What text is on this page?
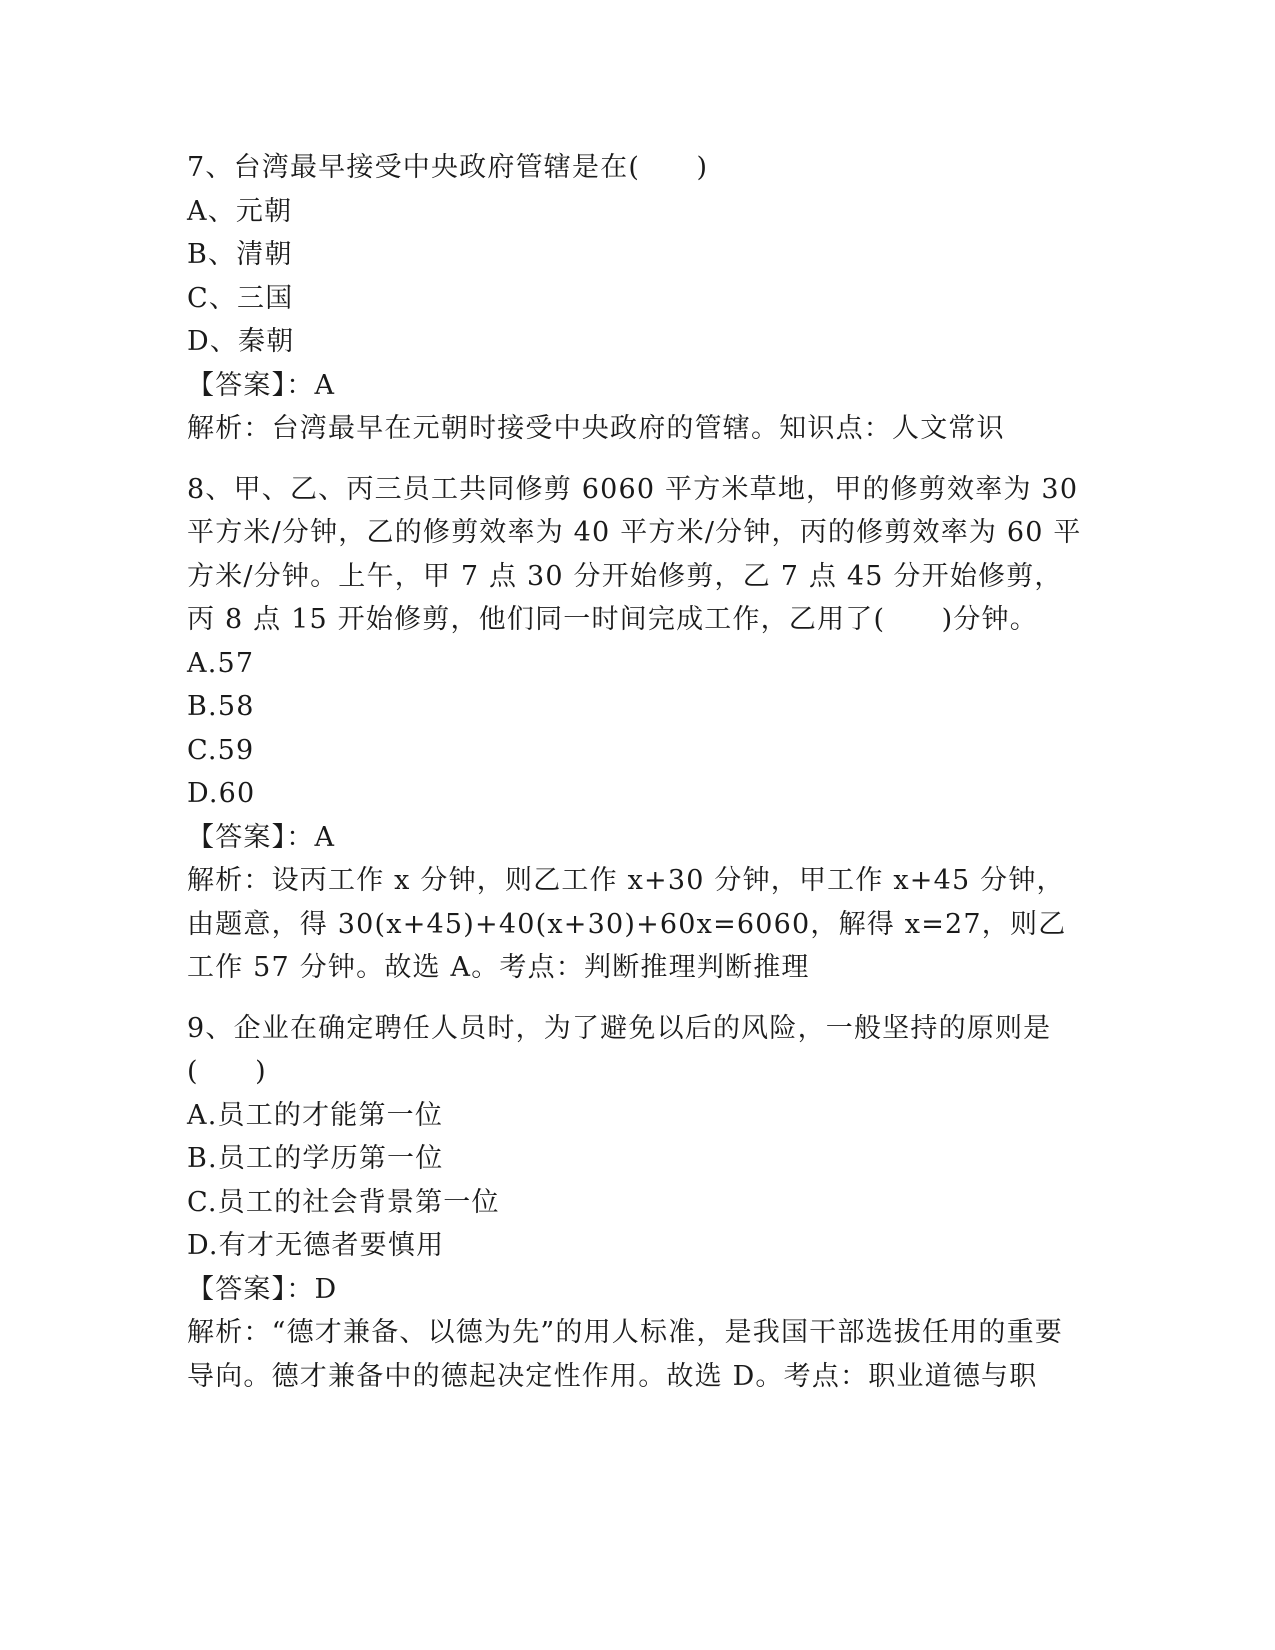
7、台湾最早接受中央政府管辖是在(　　)
A、元朝
B、清朝
C、三国
D、秦朝
【答案】：A
解析：台湾最早在元朝时接受中央政府的管辖。知识点：人文常识
8、甲、乙、丙三员工共同修剪 6060 平方米草地，甲的修剪效率为 30 平方米/分钟，乙的修剪效率为 40 平方米/分钟，丙的修剪效率为 60 平方米/分钟。上午，甲 7 点 30 分开始修剪，乙 7 点 45 分开始修剪，丙 8 点 15 开始修剪，他们同一时间完成工作，乙用了(　　)分钟。
A.57
B.58
C.59
D.60
【答案】：A
解析：设丙工作 x 分钟，则乙工作 x+30 分钟，甲工作 x+45 分钟，由题意，得 30(x+45)+40(x+30)+60x=6060，解得 x=27，则乙工作 57 分钟。故选 A。考点：判断推理判断推理
9、企业在确定聘任人员时，为了避免以后的风险，一般坚持的原则是(　　)
A.员工的才能第一位
B.员工的学历第一位
C.员工的社会背景第一位
D.有才无德者要慎用
【答案】：D
解析：“德才兼备、以德为先”的用人标准，是我国干部选拔任用的重要导向。德才兼备中的德起决定性作用。故选 D。考点：职业道德与职
